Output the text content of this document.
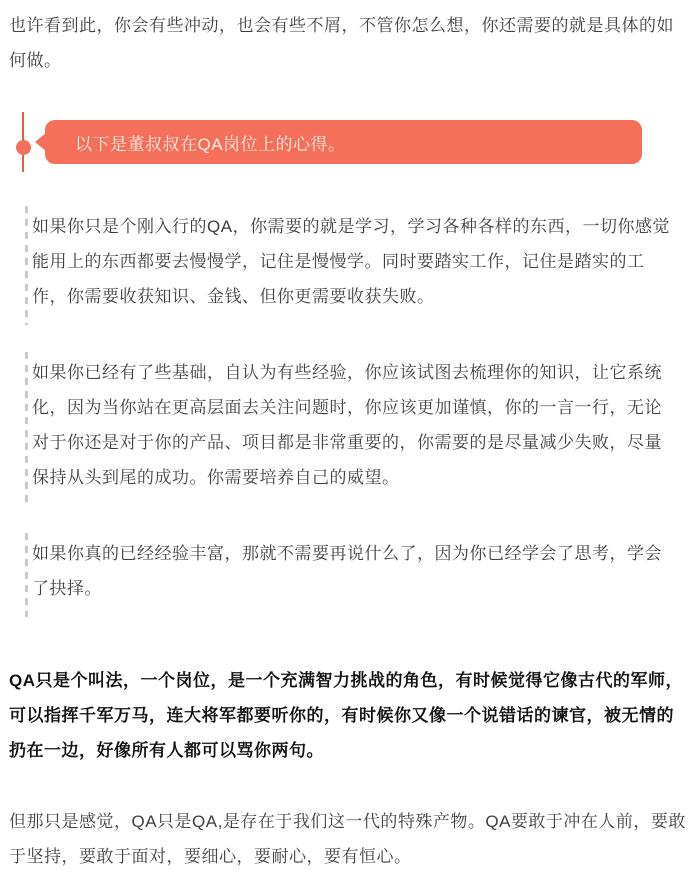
也许看到此，你会有些冲动，也会有些不屑，不管你怎么想，你还需要的就是具体的如何做。

以下是董叔叔在QA岗位上的心得。
如果你只是个刚入行的QA，你需要的就是学习，学习各种各样的东西，一切你感觉能用上的东西都要去慢慢学，记住是慢慢学。同时要踏实工作，记住是踏实的工作，你需要收获知识、金钱、但你更需要收获失败。
如果你已经有了些基础，自认为有些经验，你应该试图去梳理你的知识，让它系统化，因为当你站在更高层面去关注问题时，你应该更加谨慎，你的一言一行，无论对于你还是对于你的产品、项目都是非常重要的，你需要的是尽量减少失败，尽量保持从头到尾的成功。你需要培养自己的威望。
如果你真的已经经验丰富，那就不需要再说什么了，因为你已经学会了思考，学会了抉择。

QA只是个叫法，一个岗位，是一个充满智力挑战的角色，有时候觉得它像古代的军师，可以指挥千军万马，连大将军都要听你的，有时候你又像一个说错话的谏官，被无情的扔在一边，好像所有人都可以骂你两句。

但那只是感觉，QA只是QA,是存在于我们这一代的特殊产物。QA要敢于冲在人前，要敢于坚持，要敢于面对，要细心，要耐心，要有恒心。
